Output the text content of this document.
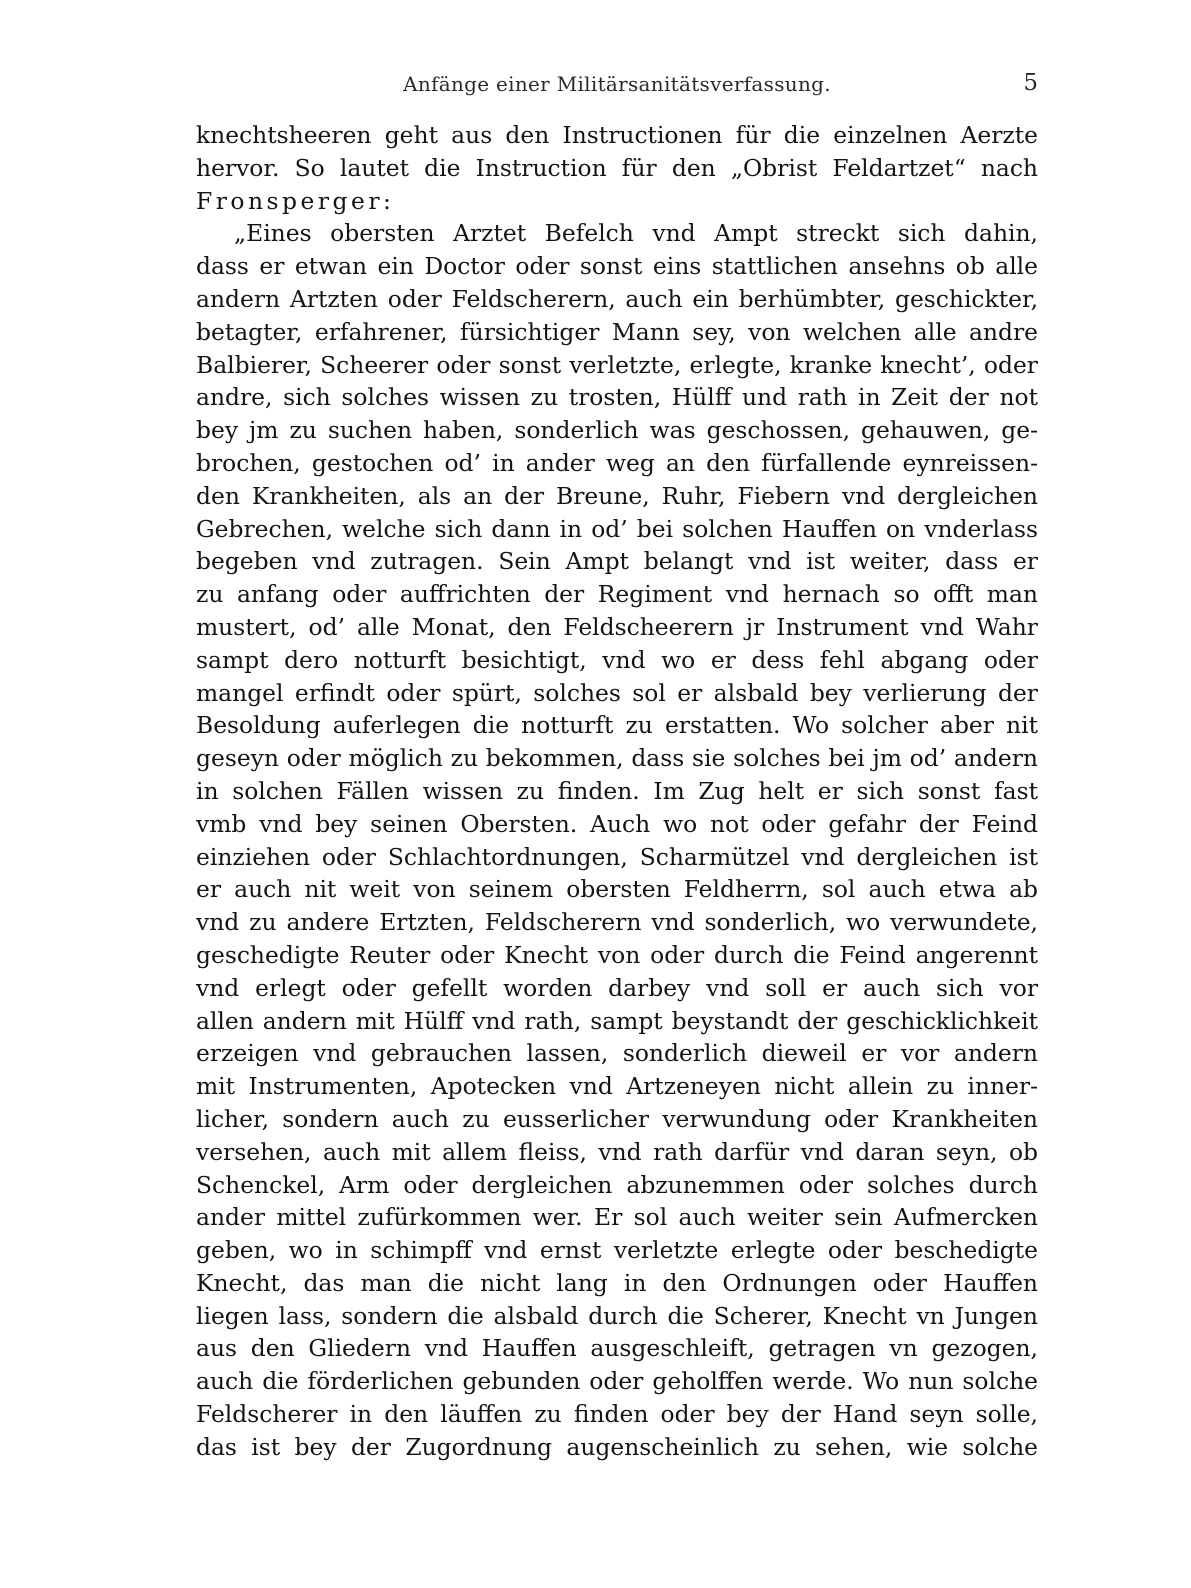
Anfänge einer Militärsanitätsverfassung.	5
knechtsheeren geht aus den Instructionen für die einzelnen Aerzte
hervor. So lautet die Instruction für den „Obrist Feldartzet“ nach
Fronsperger:
„Eines obersten Arztet Befelch vnd Ampt streckt sich dahin,
dass er etwan ein Doctor oder sonst eins stattlichen ansehns ob alle
andern Artzten oder Feldscherern, auch ein berhümbter, geschickter,
betagter, erfahrener, fürsichtiger Mann sey, von welchen alle andre
Balbierer, Scheerer oder sonst verletzte, erlegte, kranke knecht’, oder
andre, sich solches wissen zu trosten, Hülff und rath in Zeit der not
bey jm zu suchen haben, sonderlich was geschossen, gehauwen, ge-
brochen, gestochen od’ in ander weg an den fürfallende eynreissen-
den Krankheiten, als an der Breune, Ruhr, Fiebern vnd dergleichen
Gebrechen, welche sich dann in od’ bei solchen Hauffen on vnderlass
begeben vnd zutragen. Sein Ampt belangt vnd ist weiter, dass er
zu anfang oder auffrichten der Regiment vnd hernach so offt man
mustert, od’ alle Monat, den Feldscheerern jr Instrument vnd Wahr
sampt dero notturft besichtigt, vnd wo er dess fehl abgang oder
mangel erfindt oder spürt, solches sol er alsbald bey verlierung der
Besoldung auferlegen die notturft zu erstatten. Wo solcher aber nit
geseyn oder möglich zu bekommen, dass sie solches bei jm od’ andern
in solchen Fällen wissen zu finden. Im Zug helt er sich sonst fast
vmb vnd bey seinen Obersten. Auch wo not oder gefahr der Feind
einziehen oder Schlachtordnungen, Scharmützel vnd dergleichen ist
er auch nit weit von seinem obersten Feldherrn, sol auch etwa ab
vnd zu andere Ertzten, Feldscherern vnd sonderlich, wo verwundete,
geschedigte Reuter oder Knecht von oder durch die Feind angerennt
vnd erlegt oder gefellt worden darbey vnd soll er auch sich vor
allen andern mit Hülff vnd rath, sampt beystandt der geschicklichkeit
erzeigen vnd gebrauchen lassen, sonderlich dieweil er vor andern
mit Instrumenten, Apotecken vnd Artzeneyen nicht allein zu inner-
licher, sondern auch zu eusserlicher verwundung oder Krankheiten
versehen, auch mit allem fleiss, vnd rath darfür vnd daran seyn, ob
Schenckel, Arm oder dergleichen abzunemmen oder solches durch
ander mittel zufürkommen wer. Er sol auch weiter sein Aufmercken
geben, wo in schimpff vnd ernst verletzte erlegte oder beschedigte
Knecht, das man die nicht lang in den Ordnungen oder Hauffen
liegen lass, sondern die alsbald durch die Scherer, Knecht vn Jungen
aus den Gliedern vnd Hauffen ausgeschleift, getragen vn gezogen,
auch die förderlichen gebunden oder geholffen werde. Wo nun solche
Feldscherer in den läuffen zu finden oder bey der Hand seyn solle,
das ist bey der Zugordnung augenscheinlich zu sehen, wie solche
